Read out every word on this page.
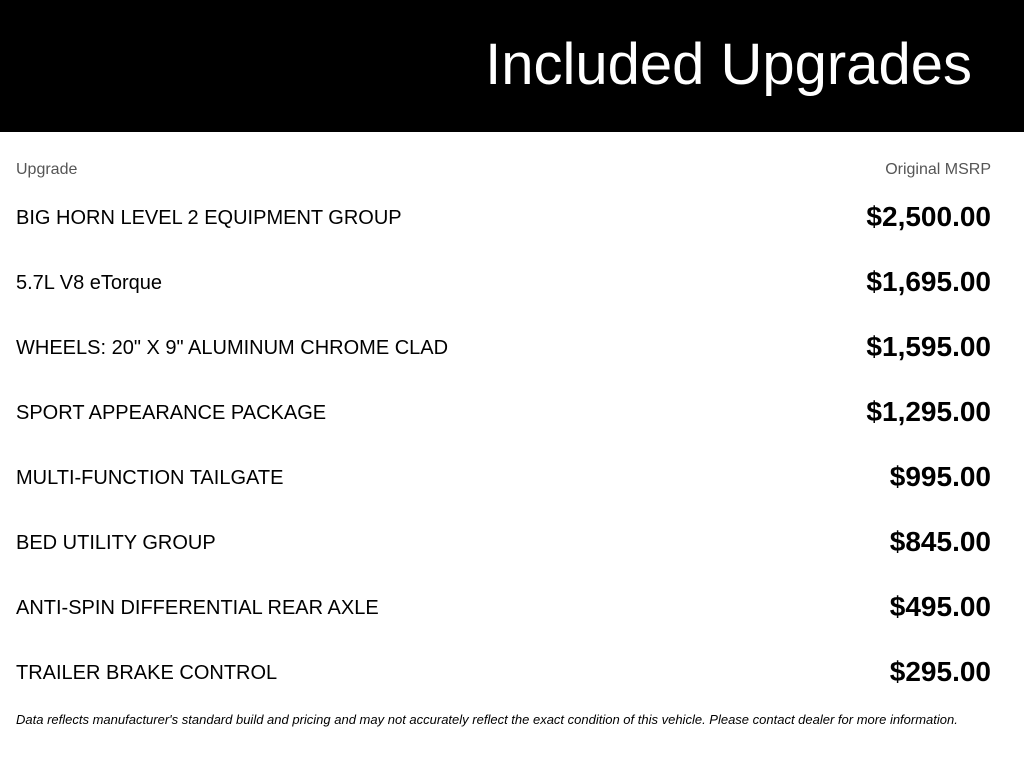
Included Upgrades
Upgrade	Original MSRP
BIG HORN LEVEL 2 EQUIPMENT GROUP	$2,500.00
5.7L V8 eTorque	$1,695.00
WHEELS: 20" X 9" ALUMINUM CHROME CLAD	$1,595.00
SPORT APPEARANCE PACKAGE	$1,295.00
MULTI-FUNCTION TAILGATE	$995.00
BED UTILITY GROUP	$845.00
ANTI-SPIN DIFFERENTIAL REAR AXLE	$495.00
TRAILER BRAKE CONTROL	$295.00
Data reflects manufacturer's standard build and pricing and may not accurately reflect the exact condition of this vehicle. Please contact dealer for more information.
